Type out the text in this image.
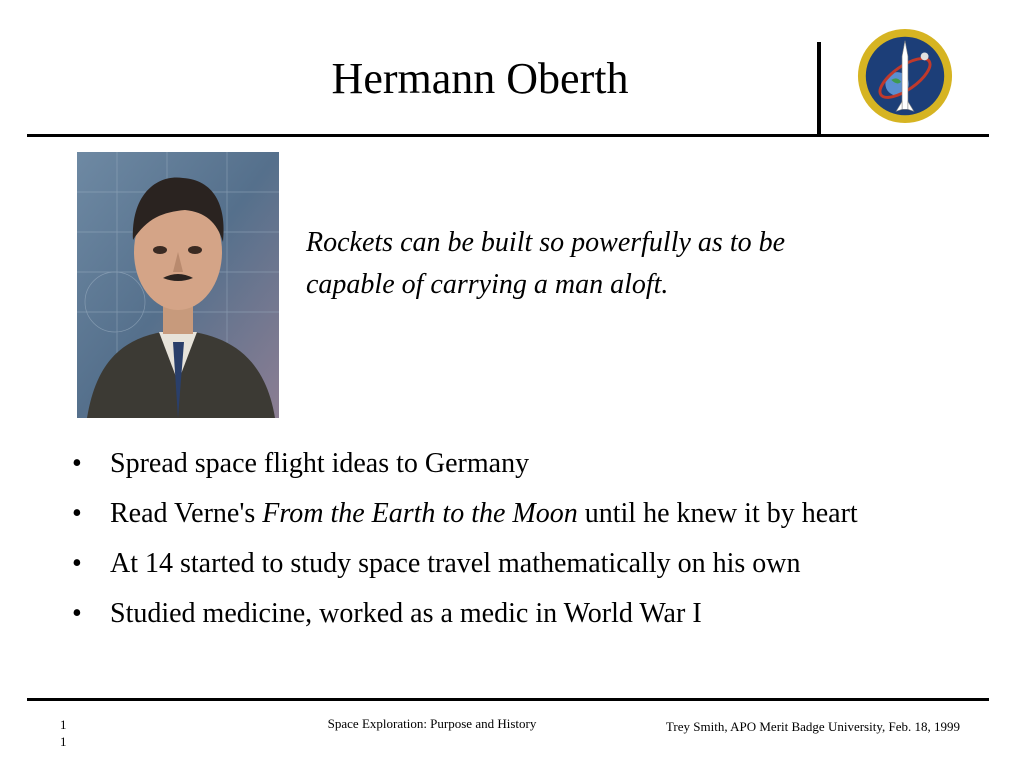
Hermann Oberth
Rockets can be built so powerfully as to be
capable of carrying a man aloft.
• Spread space flight ideas to Germany
• Read Verne's From the Earth to the Moon until he knew it by heart
• At 14 started to study space travel mathematically on his own
• Studied medicine, worked as a medic in World War I
1
1
Space Exploration: Purpose and History	Trey Smith, APO Merit Badge University, Feb. 18, 1999
